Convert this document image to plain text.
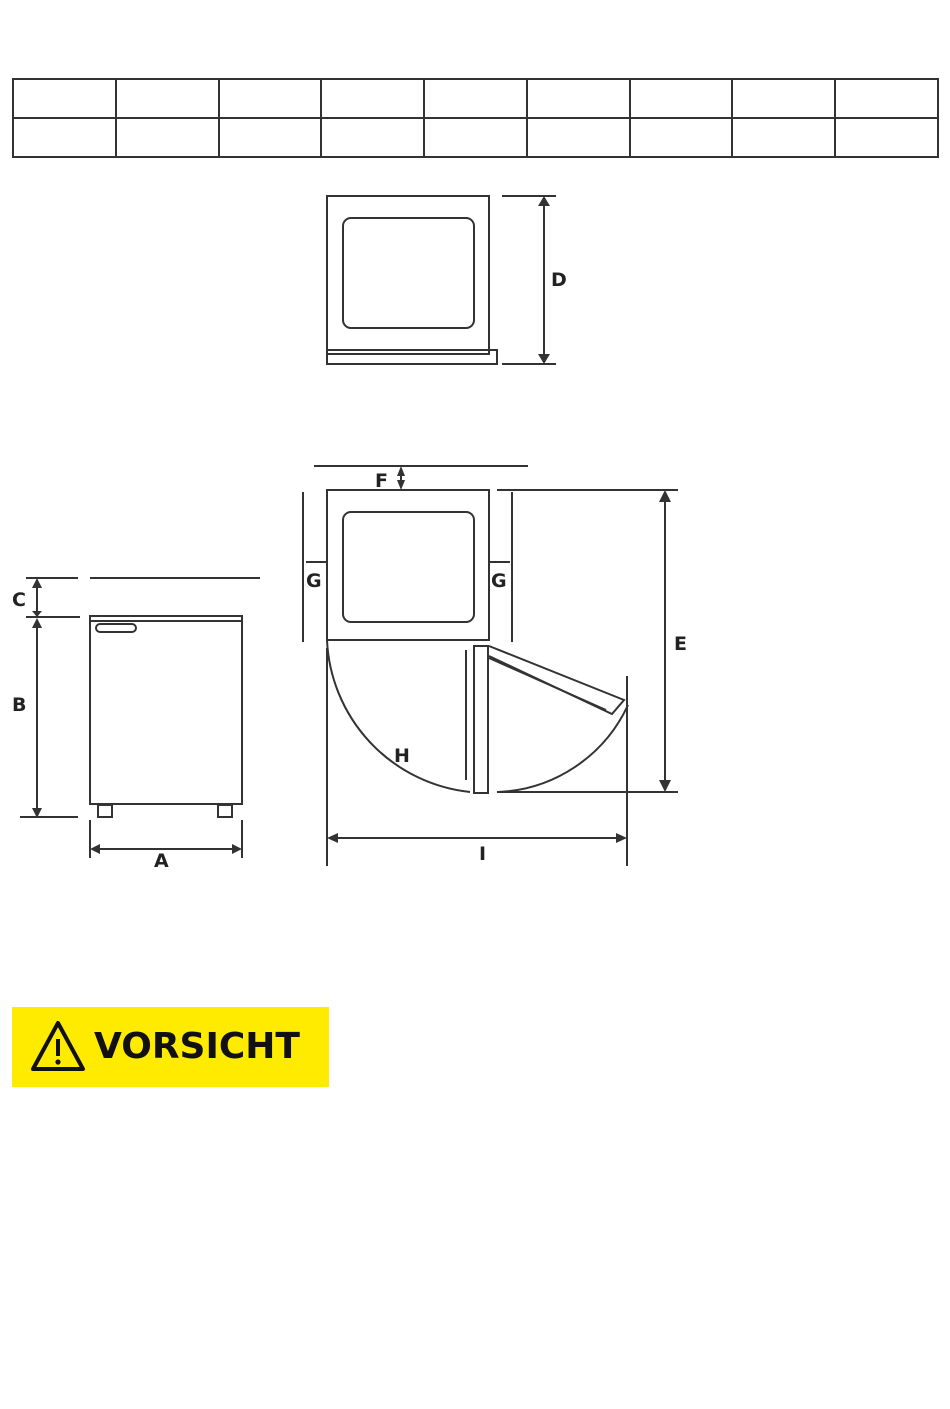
D
C
B
A
F
G	G
E
H
I
VORSICHT
